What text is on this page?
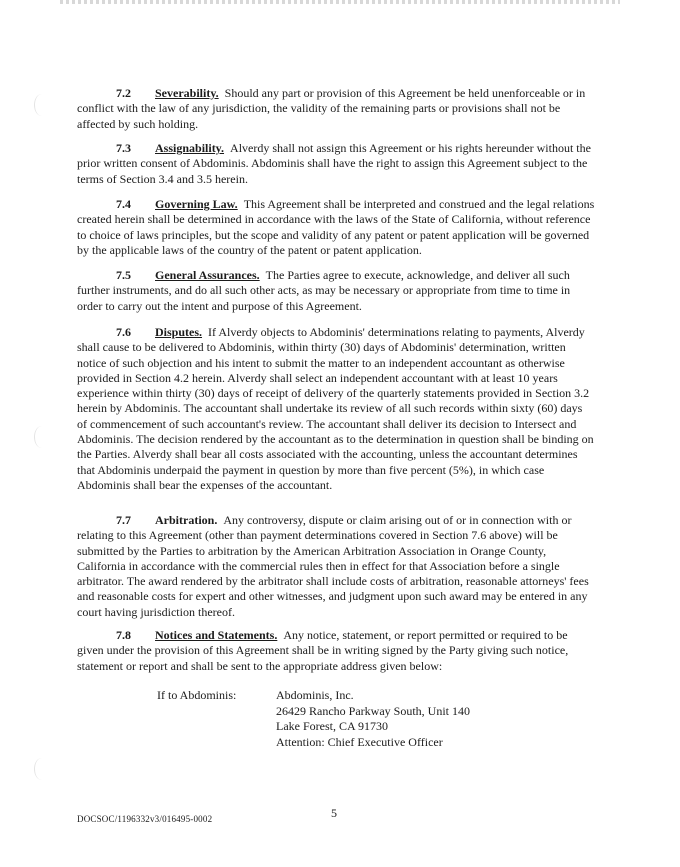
7.2 Severability. Should any part or provision of this Agreement be held unenforceable or in conflict with the law of any jurisdiction, the validity of the remaining parts or provisions shall not be affected by such holding.

7.3 Assignability. Alverdy shall not assign this Agreement or his rights hereunder without the prior written consent of Abdominis. Abdominis shall have the right to assign this Agreement subject to the terms of Section 3.4 and 3.5 herein.

7.4 Governing Law. This Agreement shall be interpreted and construed and the legal relations created herein shall be determined in accordance with the laws of the State of California, without reference to choice of laws principles, but the scope and validity of any patent or patent application will be governed by the applicable laws of the country of the patent or patent application.

7.5 General Assurances. The Parties agree to execute, acknowledge, and deliver all such further instruments, and do all such other acts, as may be necessary or appropriate from time to time in order to carry out the intent and purpose of this Agreement.

7.6 Disputes. If Alverdy objects to Abdominis' determinations relating to payments, Alverdy shall cause to be delivered to Abdominis, within thirty (30) days of Abdominis' determination, written notice of such objection and his intent to submit the matter to an independent accountant as otherwise provided in Section 4.2 herein. Alverdy shall select an independent accountant with at least 10 years experience within thirty (30) days of receipt of delivery of the quarterly statements provided in Section 3.2 herein by Abdominis. The accountant shall undertake its review of all such records within sixty (60) days of commencement of such accountant's review. The accountant shall deliver its decision to Intersect and Abdominis. The decision rendered by the accountant as to the determination in question shall be binding on the Parties. Alverdy shall bear all costs associated with the accounting, unless the accountant determines that Abdominis underpaid the payment in question by more than five percent (5%), in which case Abdominis shall bear the expenses of the accountant.

7.7 Arbitration. Any controversy, dispute or claim arising out of or in connection with or relating to this Agreement (other than payment determinations covered in Section 7.6 above) will be submitted by the Parties to arbitration by the American Arbitration Association in Orange County, California in accordance with the commercial rules then in effect for that Association before a single arbitrator. The award rendered by the arbitrator shall include costs of arbitration, reasonable attorneys' fees and reasonable costs for expert and other witnesses, and judgment upon such award may be entered in any court having jurisdiction thereof.

7.8 Notices and Statements. Any notice, statement, or report permitted or required to be given under the provision of this Agreement shall be in writing signed by the Party giving such notice, statement or report and shall be sent to the appropriate address given below:

If to Abdominis:	Abdominis, Inc.
26429 Rancho Parkway South, Unit 140
Lake Forest, CA 91730
Attention: Chief Executive Officer
5
DOCSOC/1196332v3/016495-0002
